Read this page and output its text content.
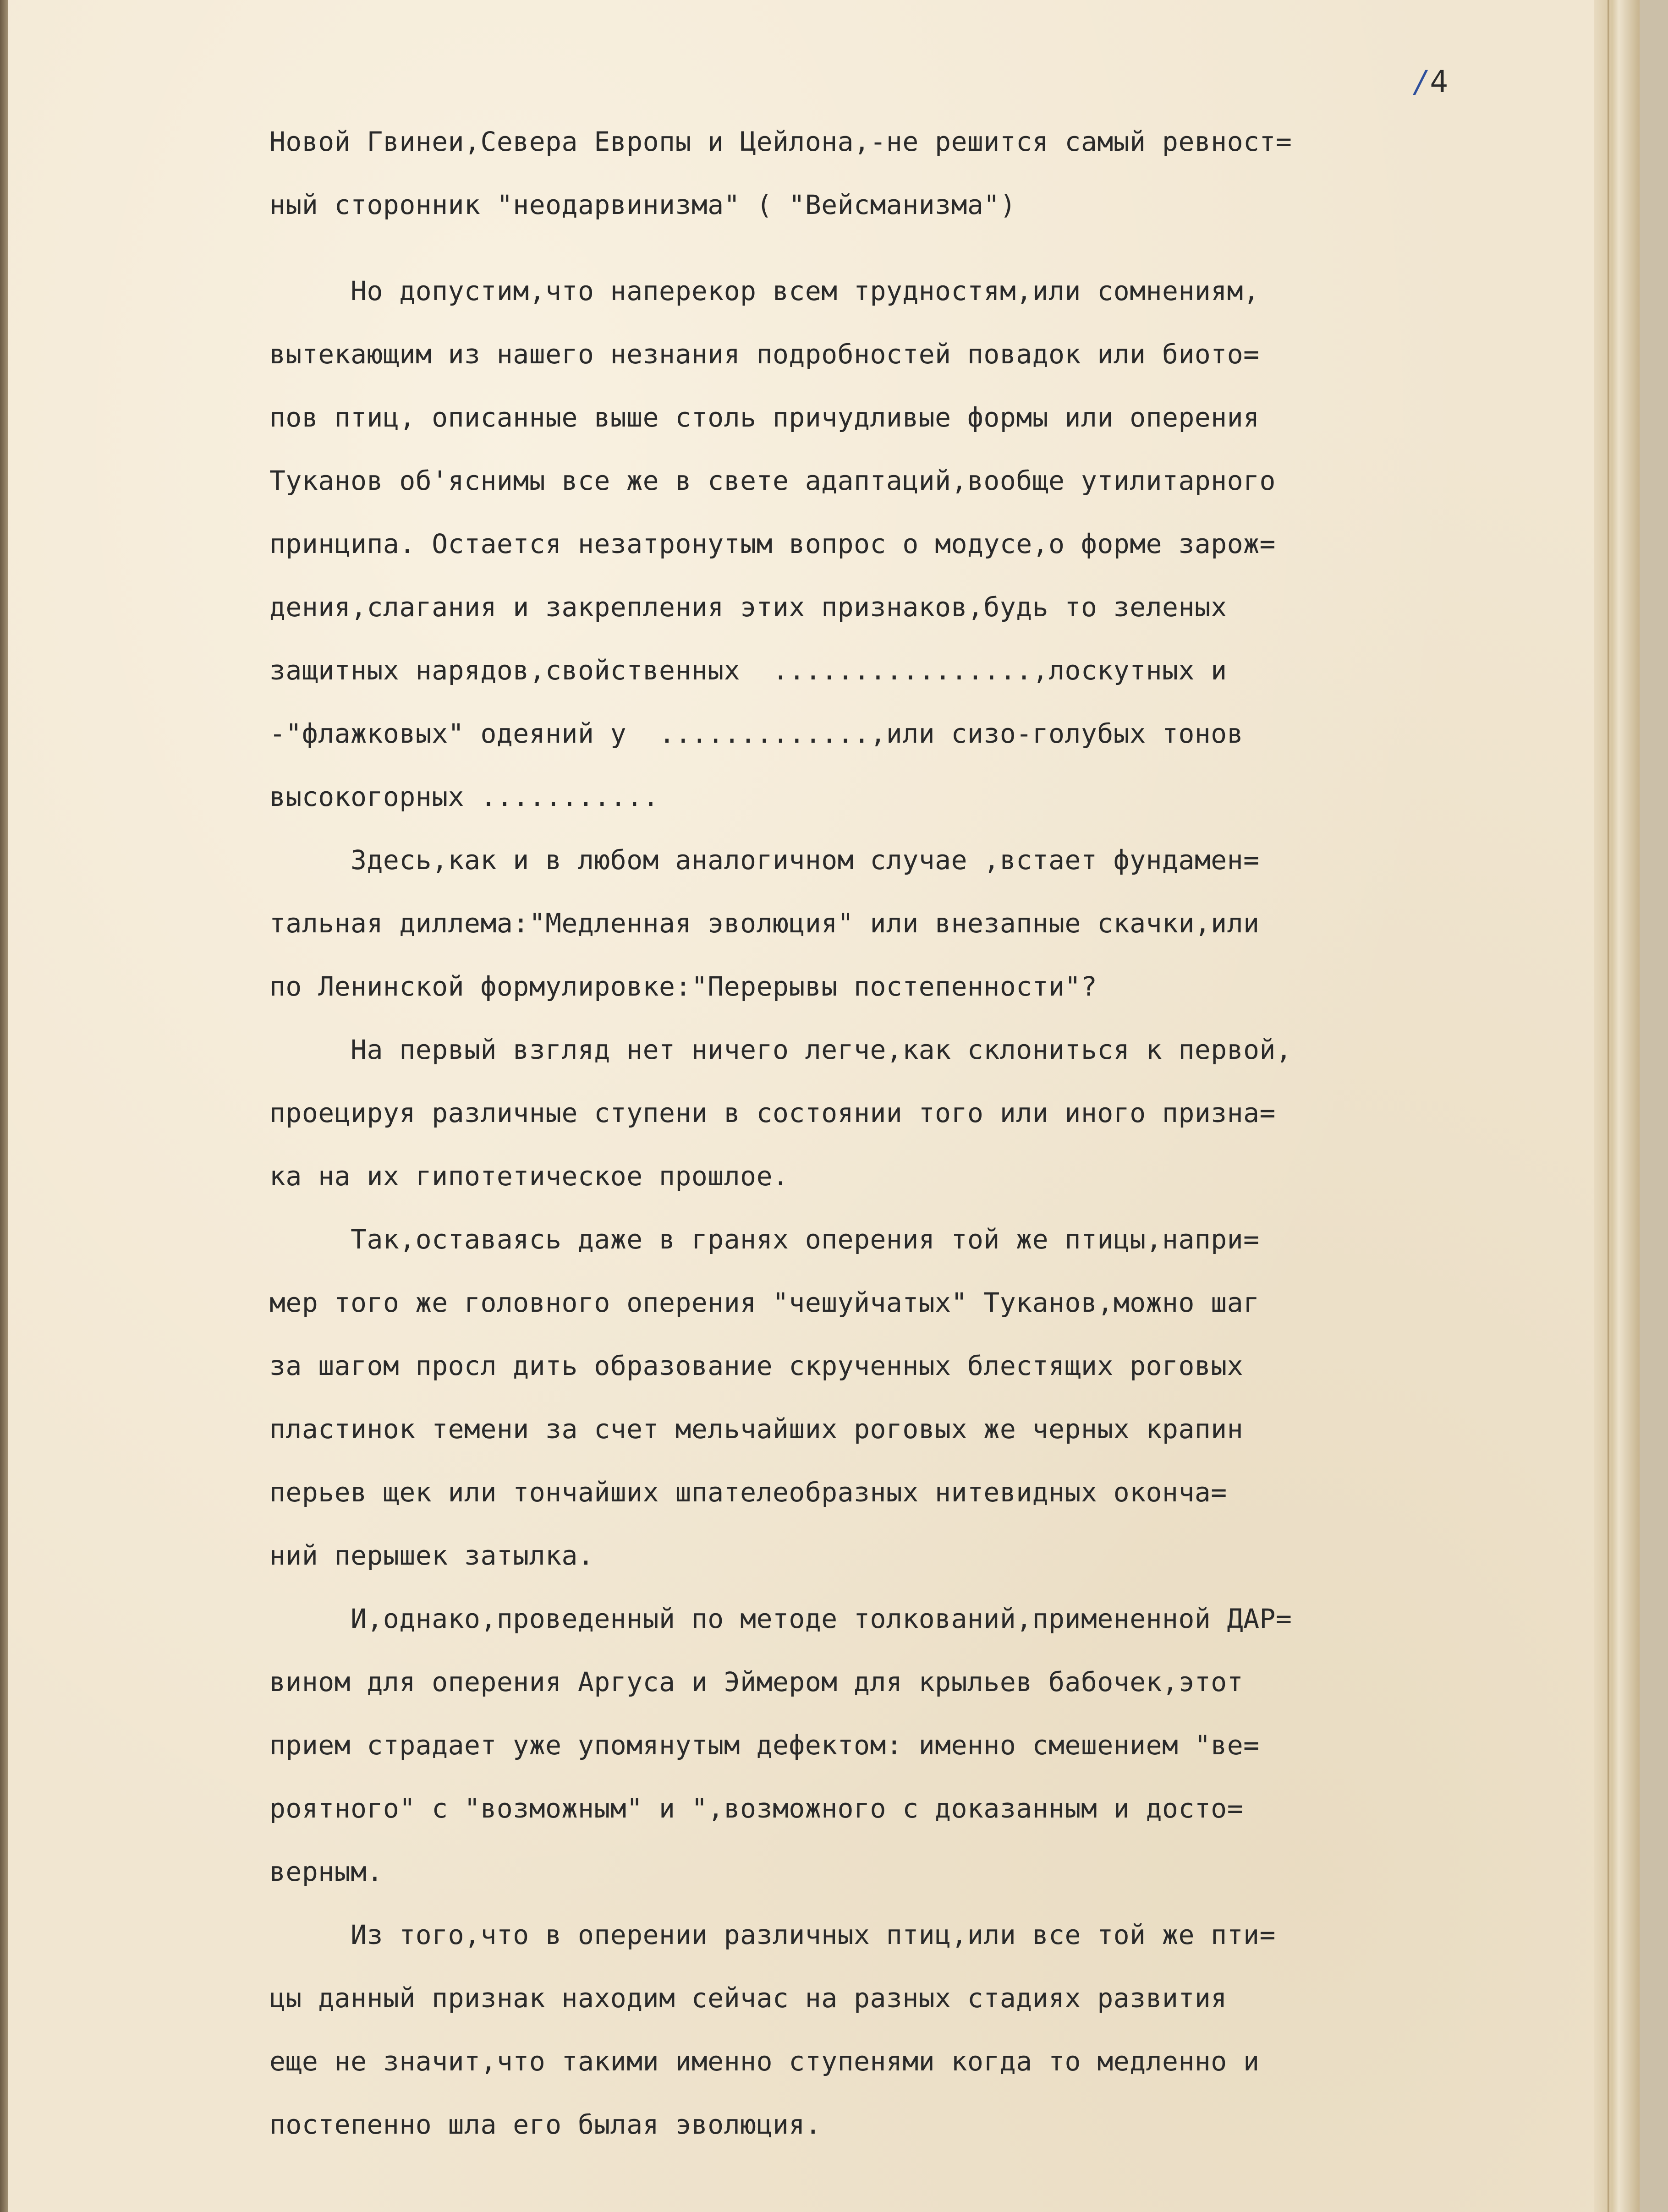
/ 4
Новой Гвинеи,Севера Европы и Цейлона,-не решится самый ревност=
ный сторонник "неодарвинизма" ( "Вейсманизма")
Но допустим,что наперекор всем трудностям,или сомнениям,
вытекающим из нашего незнания подробностей повадок или биото=
пов птиц, описанные выше столь причудливые формы или оперения
Туканов об'яснимы все же в свете адаптаций,вообще утилитарного
принципа. Остается незатронутым вопрос о модусе,о форме зарож=
дения,слагания и закрепления этих признаков,будь то зеленых
защитных нарядов,свойственных  ................,лоскутных и
-"флажковых" одеяний у  .............,или сизо-голубых тонов
высокогорных ...........
Здесь,как и в любом аналогичном случае ,встает фундамен=
тальная диллема:"Медленная эволюция" или внезапные скачки,или
по Ленинской формулировке:"Перерывы постепенности"?
На первый взгляд нет ничего легче,как склониться к первой,
проецируя различные ступени в состоянии того или иного призна=
ка на их гипотетическое прошлое.
Так,оставаясь даже в гранях оперения той же птицы,напри=
мер того же головного оперения "чешуйчатых" Туканов,можно шаг
за шагом просл дить образование скрученных блестящих роговых
пластинок темени за счет мельчайших роговых же черных крапин
перьев щек или тончайших шпателеобразных нитевидных оконча=
ний перышек затылка.
И,однако,проведенный по методе толкований,примененной ДАР=
вином для оперения Аргуса и Эймером для крыльев бабочек,этот
прием страдает уже упомянутым дефектом: именно смешением "ве=
роятного" с "возможным" и ",возможного с доказанным и досто=
верным.
Из того,что в оперении различных птиц,или все той же пти=
цы данный признак находим сейчас на разных стадиях развития
еще не значит,что такими именно ступенями когда то медленно и
постепенно шла его былая эволюция.
